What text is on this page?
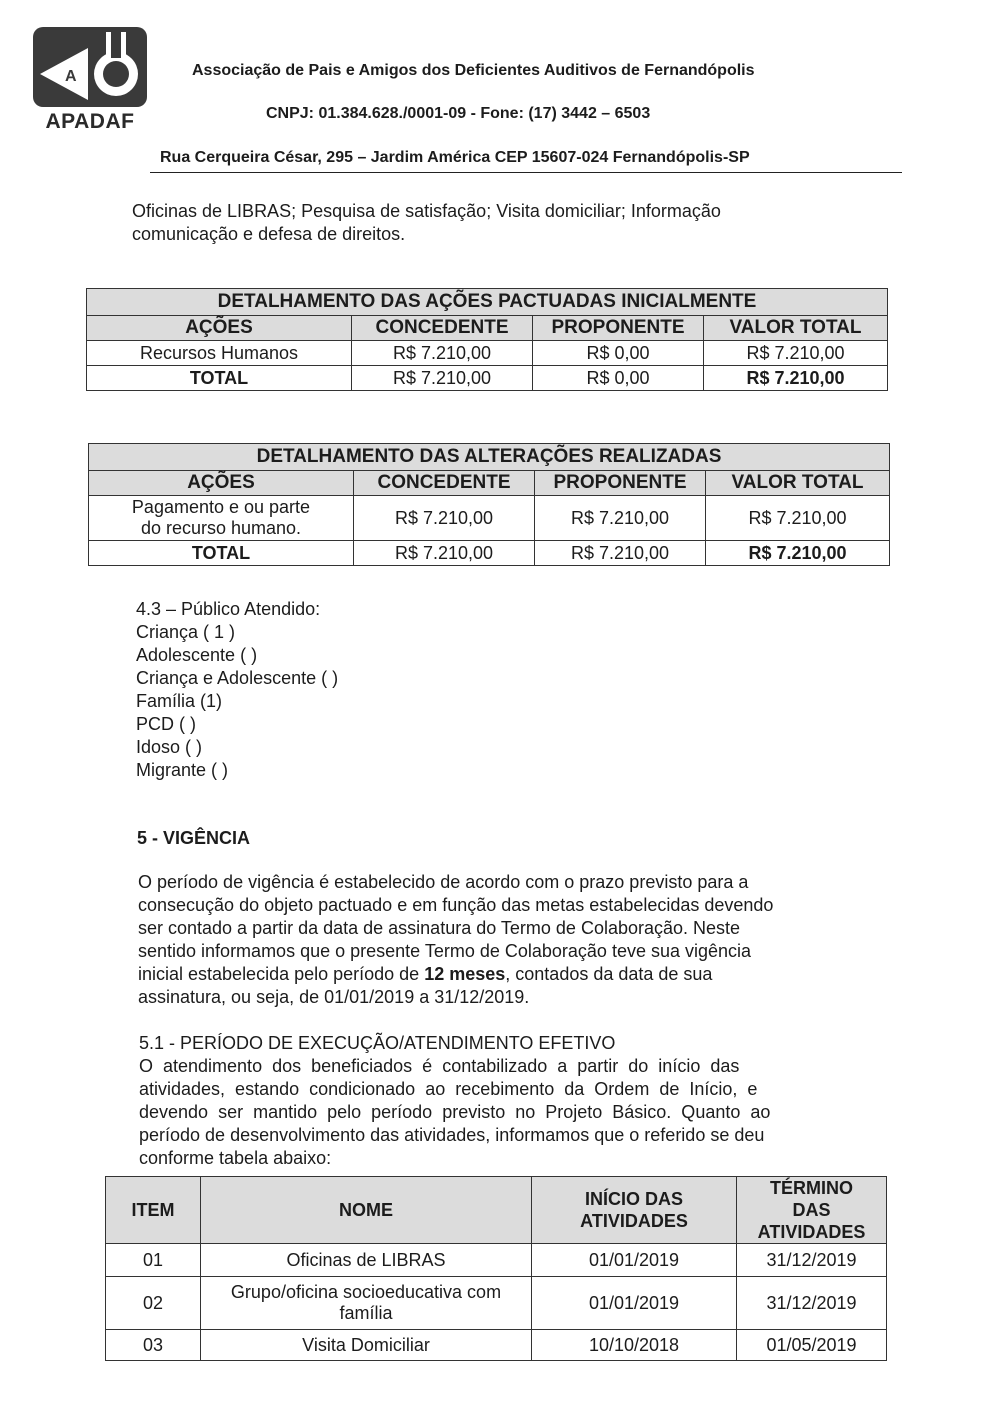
A
APADAF
Associação de Pais e Amigos dos Deficientes Auditivos de Fernandópolis
CNPJ: 01.384.628./0001-09 - Fone: (17) 3442 – 6503
Rua Cerqueira César, 295 – Jardim América CEP 15607-024 Fernandópolis-SP
Oficinas de LIBRAS; Pesquisa de satisfação; Visita domiciliar; Informação
comunicação e defesa de direitos.
DETALHAMENTO DAS AÇÕES PACTUADAS INICIALMENTE			
AÇÕES	CONCEDENTE	PROPONENTE	VALOR TOTAL
Recursos Humanos	R$ 7.210,00	R$ 0,00	R$ 7.210,00
TOTAL	R$ 7.210,00	R$ 0,00	R$ 7.210,00
DETALHAMENTO DAS ALTERAÇÕES REALIZADAS			
AÇÕES	CONCEDENTE	PROPONENTE	VALOR TOTAL
Pagamento e ou parte do recurso humano.	R$ 7.210,00	R$ 7.210,00	R$ 7.210,00
TOTAL	R$ 7.210,00	R$ 7.210,00	R$ 7.210,00
4.3 – Público Atendido:
Criança ( 1 )
Adolescente ( )
Criança e Adolescente ( )
Família (1)
PCD ( )
Idoso ( )
Migrante ( )
5 - VIGÊNCIA
O período de vigência é estabelecido de acordo com o prazo previsto para a
consecução do objeto pactuado e em função das metas estabelecidas devendo
ser contado a partir da data de assinatura do Termo de Colaboração. Neste
sentido informamos que o presente Termo de Colaboração teve sua vigência
inicial estabelecida pelo período de 12 meses, contados da data de sua
assinatura, ou seja, de 01/01/2019 a 31/12/2019.
5.1 - PERÍODO DE EXECUÇÃO/ATENDIMENTO EFETIVO
O  atendimento  dos  beneficiados  é  contabilizado  a  partir  do  início  das
atividades,  estando  condicionado  ao  recebimento  da  Ordem  de  Início,  e
devendo  ser  mantido  pelo  período  previsto  no  Projeto  Básico.  Quanto  ao
período de desenvolvimento das atividades, informamos que o referido se deu
conforme tabela abaixo:
ITEM	NOME	INÍCIO DAS ATIVIDADES	TÉRMINO DAS ATIVIDADES
01	Oficinas de LIBRAS	01/01/2019	31/12/2019
02	Grupo/oficina socioeducativa com família	01/01/2019	31/12/2019
03	Visita Domiciliar	10/10/2018	01/05/2019
